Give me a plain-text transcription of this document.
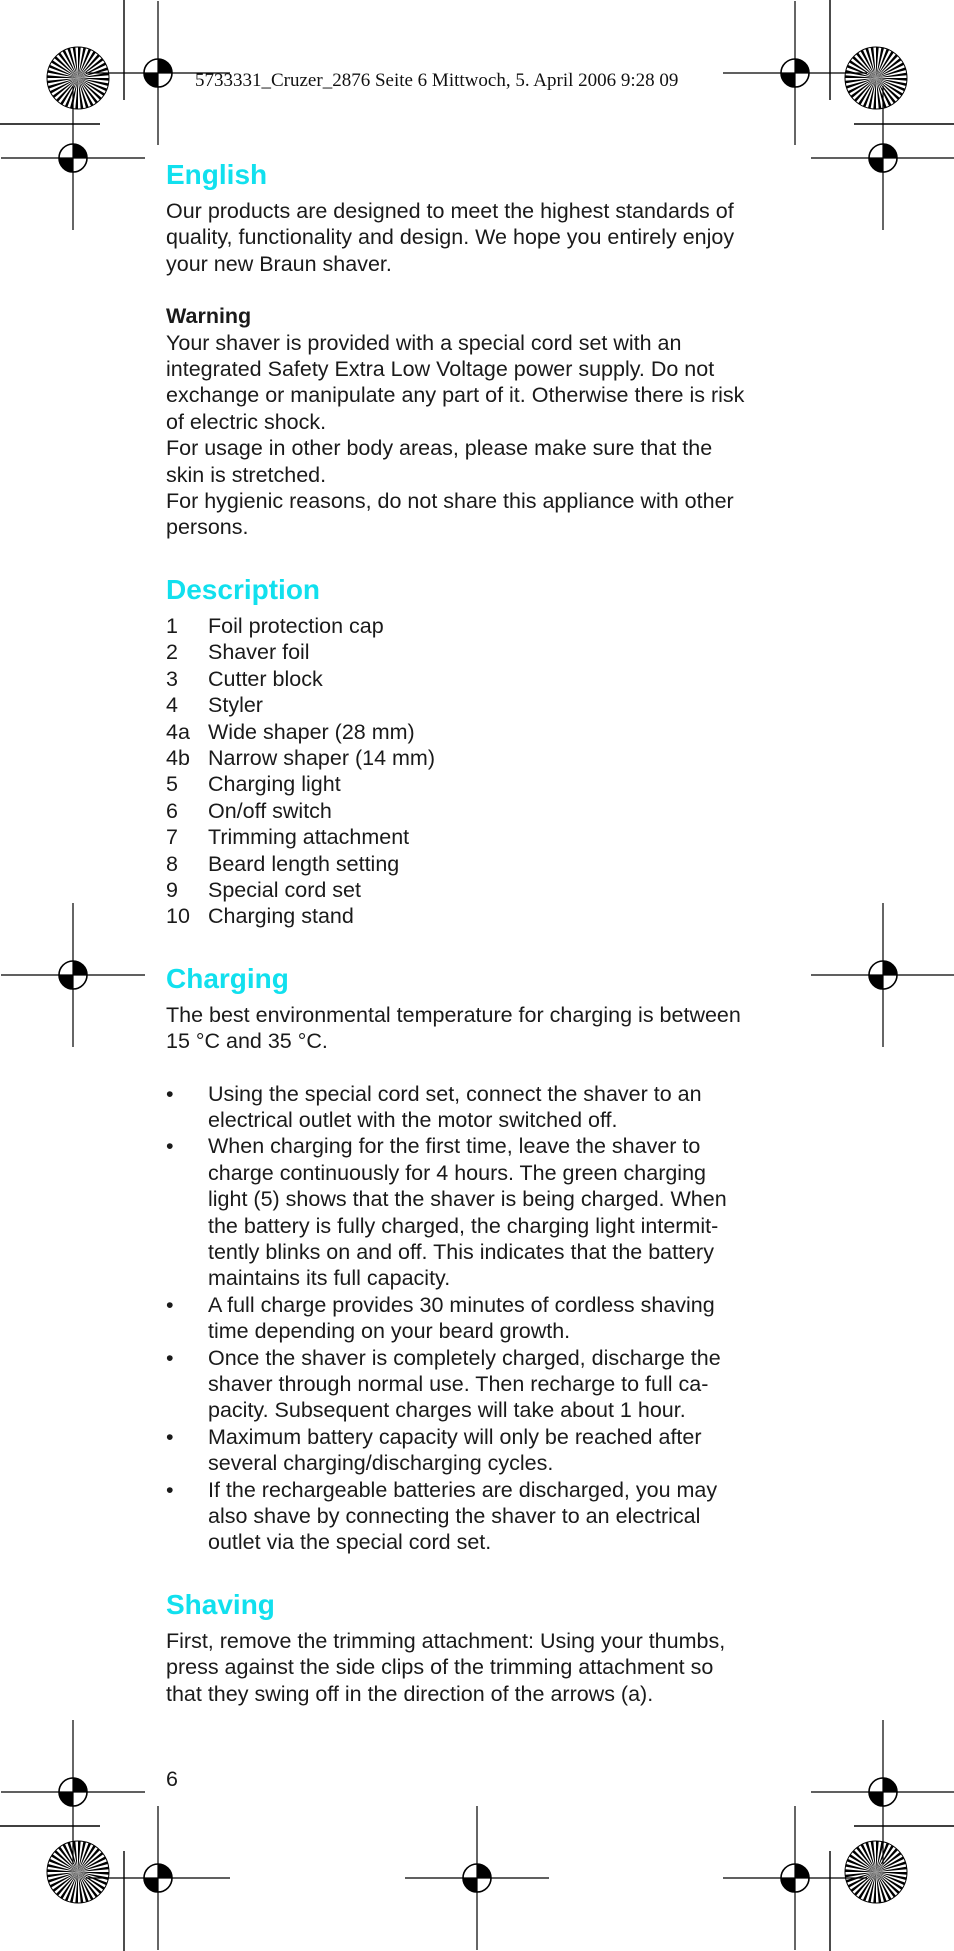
5733331_Cruzer_2876 Seite 6 Mittwoch, 5. April 2006 9:28 09
English

Our products are designed to meet the highest standards of
quality, functionality and design. We hope you entirely enjoy
your new Braun shaver.

Warning

Your shaver is provided with a special cord set with an
integrated Safety Extra Low Voltage power supply. Do not
exchange or manipulate any part of it. Otherwise there is risk
of electric shock.
For usage in other body areas, please make sure that the
skin is stretched.
For hygienic reasons, do not share this appliance with other
persons.

Description
1	Foil protection cap
2	Shaver foil
3	Cutter block
4	Styler
4a Wide shaper (28 mm)
4b Narrow shaper (14 mm)
5	Charging light
6	On/off switch
7	Trimming attachment
8	Beard length setting
9	Special cord set
10 Charging stand
Charging

The best environmental temperature for charging is between
15 °C and 35 °C.

•	Using the special cord set, connect the shaver to an
electrical outlet with the motor switched off.
•	When charging for the first time, leave the shaver to
charge continuously for 4 hours. The green charging
light (5) shows that the shaver is being charged. When
the battery is fully charged, the charging light intermit-
tently blinks on and off. This indicates that the battery
maintains its full capacity.
•	A full charge provides 30 minutes of cordless shaving
time depending on your beard growth.
•	Once the shaver is completely charged, discharge the
shaver through normal use. Then recharge to full ca-
pacity. Subsequent charges will take about 1 hour.
•	Maximum battery capacity will only be reached after
several charging/discharging cycles.
•	If the rechargeable batteries are discharged, you may
also shave by connecting the shaver to an electrical
outlet via the special cord set.
Shaving

First, remove the trimming attachment: Using your thumbs,
press against the side clips of the trimming attachment so
that they swing off in the direction of the arrows (a).

6
